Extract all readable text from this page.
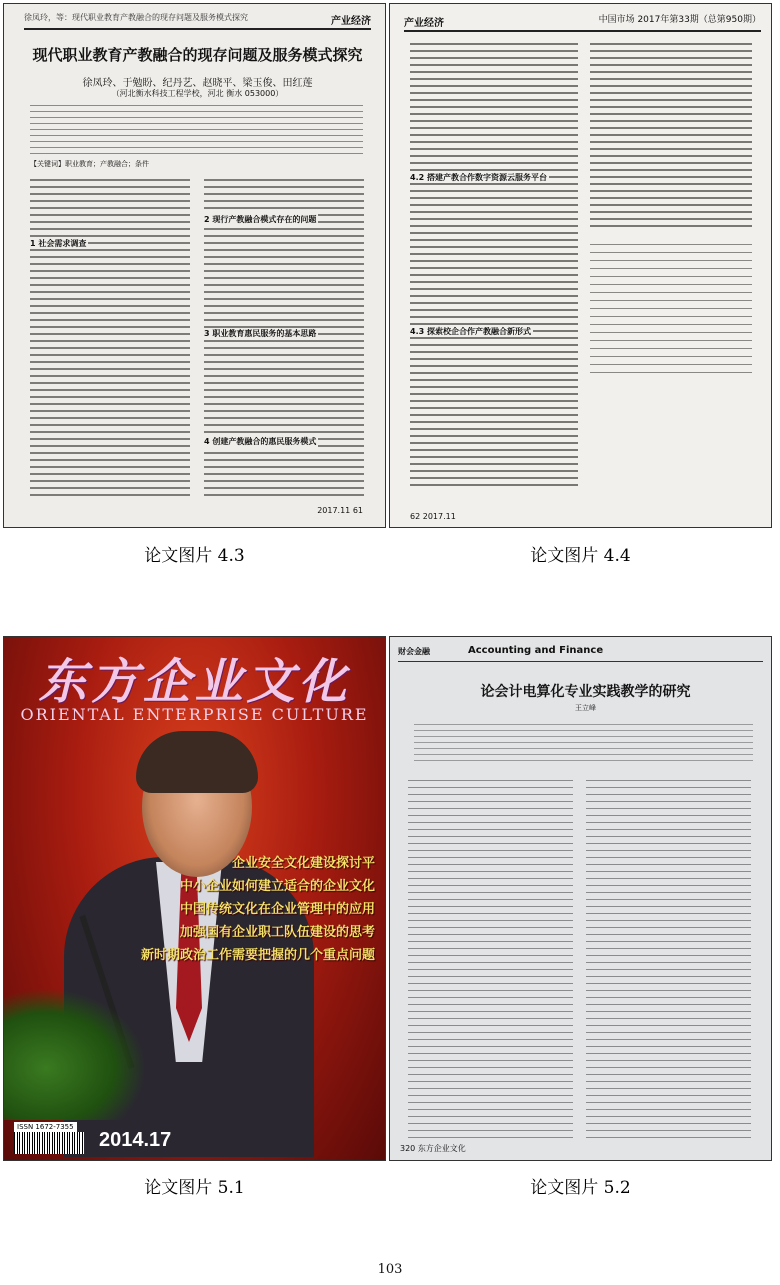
徐凤玲，等：现代职业教育产教融合的现存问题及服务模式探究	产业经济
现代职业教育产教融合的现存问题及服务模式探究
徐凤玲、于勉盼、纪丹艺、赵晓平、梁玉俊、田红莲
（河北衡水科技工程学校，河北 衡水 053000）
【关键词】职业教育；产教融合；条件
1 社会需求调查
2 现行产教融合模式存在的问题
3 职业教育惠民服务的基本思路
4 创建产教融合的惠民服务模式
2017.11 61
论文图片 4.3
产业经济	中国市场 2017年第33期（总第950期）
4.2 搭建产教合作数字资源云服务平台
4.3 探索校企合作产教融合新形式
62 2017.11
论文图片 4.4
东方企业文化
ORIENTAL ENTERPRISE CULTURE
企业安全文化建设探讨平
中小企业如何建立适合的企业文化
中国传统文化在企业管理中的应用
加强国有企业职工队伍建设的思考
新时期政治工作需要把握的几个重点问题
ISSN 1672-7355
2014.17
论文图片 5.1
财会金融	Accounting and Finance
论会计电算化专业实践教学的研究
王立峰
320 东方企业文化
论文图片 5.2
103
